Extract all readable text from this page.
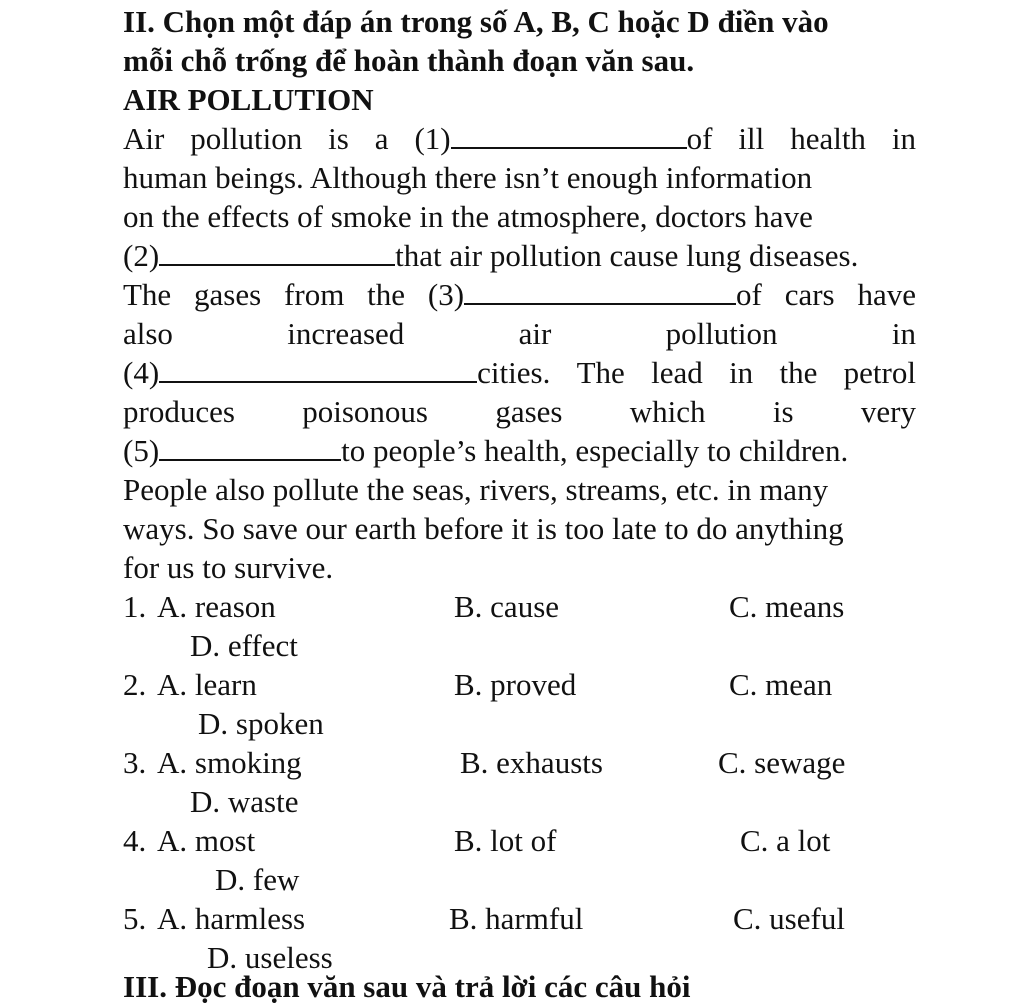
II. Chọn một đáp án trong số A, B, C hoặc D điền vào
mỗi chỗ trống để hoàn thành đoạn văn sau.
AIR POLLUTION
Air pollution is a (1)	of ill health in
human beings. Although there isn’t enough information
on the effects of smoke in the atmosphere, doctors have
(2)	that air pollution cause lung diseases.
The gases from the (3)	of cars have
also	increased	air	pollution	in
(4)	cities. The lead in the petrol
produces poisonous gases which is very
(5)	to people’s health, especially to children.
People also pollute the seas, rivers, streams, etc. in many
ways. So save our earth before it is too late to do anything
for us to survive.
1. A. reason	B. cause	C. means
D. effect
2. A. learn	B. proved	C. mean
D. spoken
3. A. smoking	B. exhausts	C. sewage
D. waste
4. A. most	B. lot of	C. a lot
D. few
5. A. harmless	B. harmful	C. useful
D. useless
III. Đọc đoạn văn sau và trả lời các câu hỏi
